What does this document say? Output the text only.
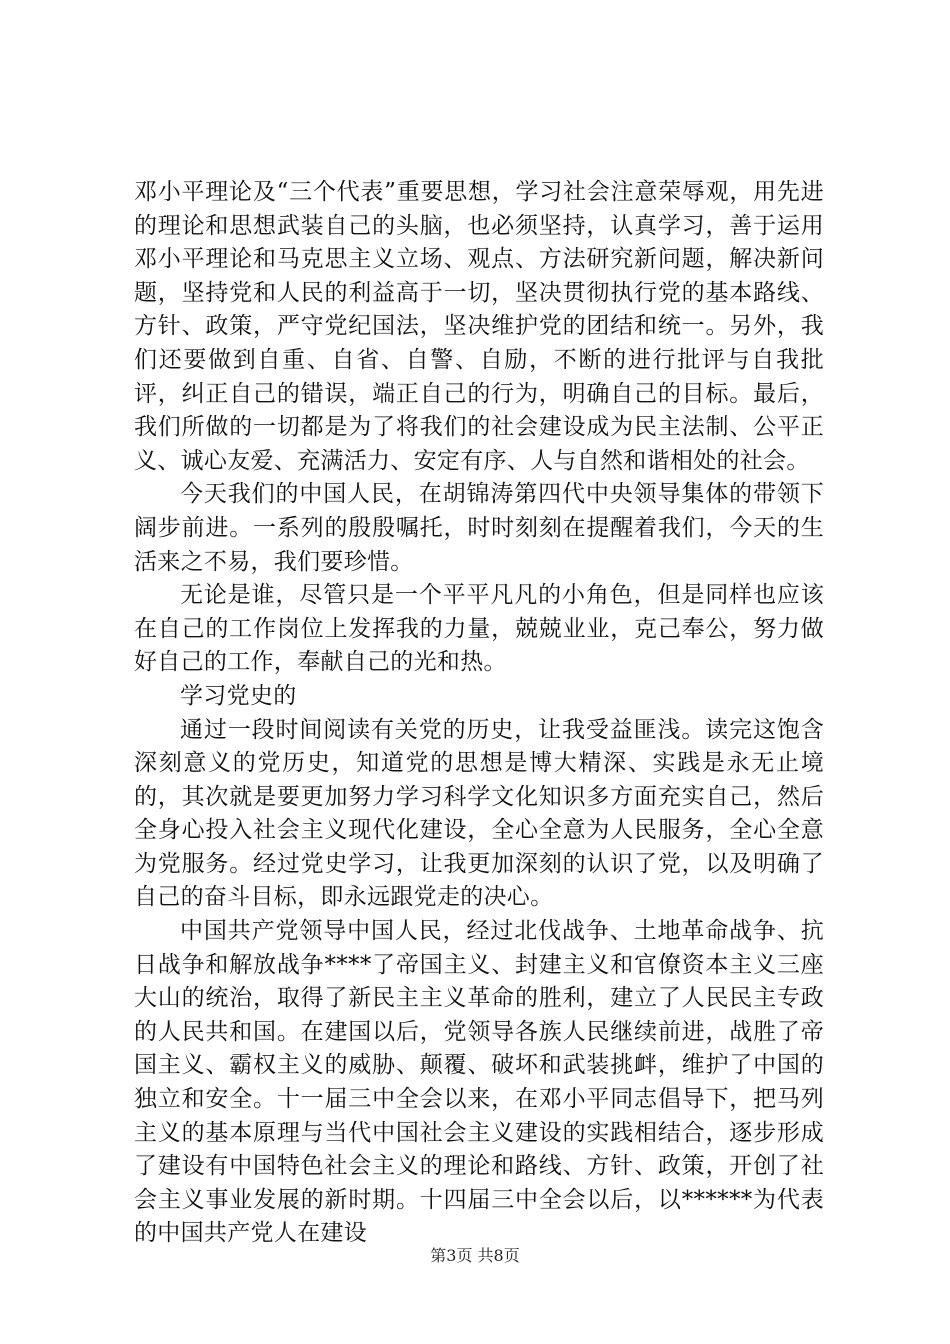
邓小平理论及“三个代表”重要思想，学习社会注意荣辱观，用先进的理论和思想武装自己的头脑，也必须坚持，认真学习，善于运用邓小平理论和马克思主义立场、观点、方法研究新问题，解决新问题，坚持党和人民的利益高于一切，坚决贯彻执行党的基本路线、方针、政策，严守党纪国法，坚决维护党的团结和统一。另外，我们还要做到自重、自省、自警、自励，不断的进行批评与自我批评，纠正自己的错误，端正自己的行为，明确自己的目标。最后，我们所做的一切都是为了将我们的社会建设成为民主法制、公平正义、诚心友爱、充满活力、安定有序、人与自然和谐相处的社会。

今天我们的中国人民，在胡锦涛第四代中央领导集体的带领下阔步前进。一系列的殷殷嘱托，时时刻刻在提醒着我们，今天的生活来之不易，我们要珍惜。

无论是谁，尽管只是一个平平凡凡的小角色，但是同样也应该在自己的工作岗位上发挥我的力量，兢兢业业，克己奉公，努力做好自己的工作，奉献自己的光和热。

学习党史的

通过一段时间阅读有关党的历史，让我受益匪浅。读完这饱含深刻意义的党历史，知道党的思想是博大精深、实践是永无止境的，其次就是要更加努力学习科学文化知识多方面充实自己，然后全身心投入社会主义现代化建设，全心全意为人民服务，全心全意为党服务。经过党史学习，让我更加深刻的认识了党，以及明确了自己的奋斗目标，即永远跟党走的决心。

中国共产党领导中国人民，经过北伐战争、土地革命战争、抗日战争和解放战争****了帝国主义、封建主义和官僚资本主义三座大山的统治，取得了新民主主义革命的胜利，建立了人民民主专政的人民共和国。在建国以后，党领导各族人民继续前进，战胜了帝国主义、霸权主义的威胁、颠覆、破坏和武装挑衅，维护了中国的独立和安全。十一届三中全会以来，在邓小平同志倡导下，把马列主义的基本原理与当代中国社会主义建设的实践相结合，逐步形成了建设有中国特色社会主义的理论和路线、方针、政策，开创了社会主义事业发展的新时期。十四届三中全会以后，以******为代表的中国共产党人在建设

第3页 共8页
